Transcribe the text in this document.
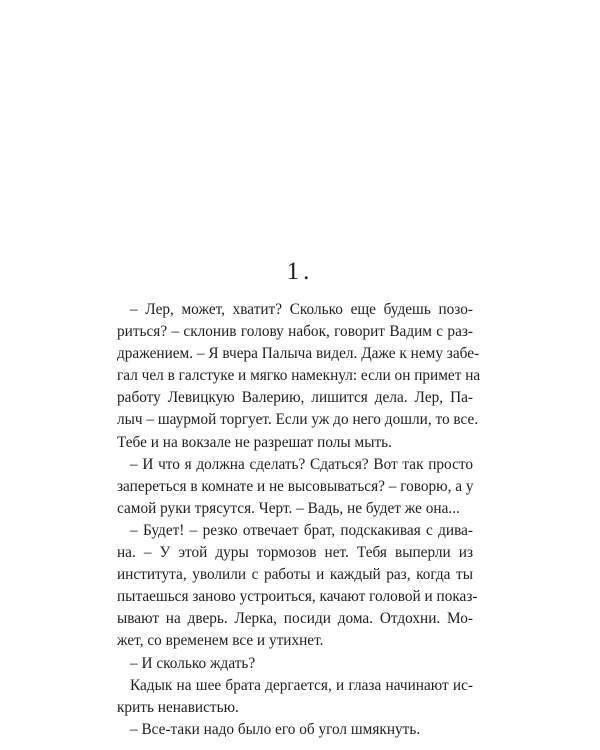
1.
– Лер, может, хватит? Сколько еще будешь позо-
риться? – склонив голову набок, говорит Вадим с раз-
дражением. – Я вчера Палыча видел. Даже к нему забе-
гал чел в галстуке и мягко намекнул: если он примет на
работу Левицкую Валерию, лишится дела. Лер, Па-
лыч – шаурмой торгует. Если уж до него дошли, то все.
Тебе и на вокзале не разрешат полы мыть.
– И что я должна сделать? Сдаться? Вот так просто
запереться в комнате и не высовываться? – говорю, а у
самой руки трясутся. Черт. – Вадь, не будет же она...
– Будет! – резко отвечает брат, подскакивая с дива-
на. – У этой дуры тормозов нет. Тебя выперли из
института, уволили с работы и каждый раз, когда ты
пытаешься заново устроиться, качают головой и показ-
ывают на дверь. Лерка, посиди дома. Отдохни. Мо-
жет, со временем все и утихнет.
– И сколько ждать?
Кадык на шее брата дергается, и глаза начинают ис-
крить ненавистью.
– Все-таки надо было его об угол шмякнуть.
